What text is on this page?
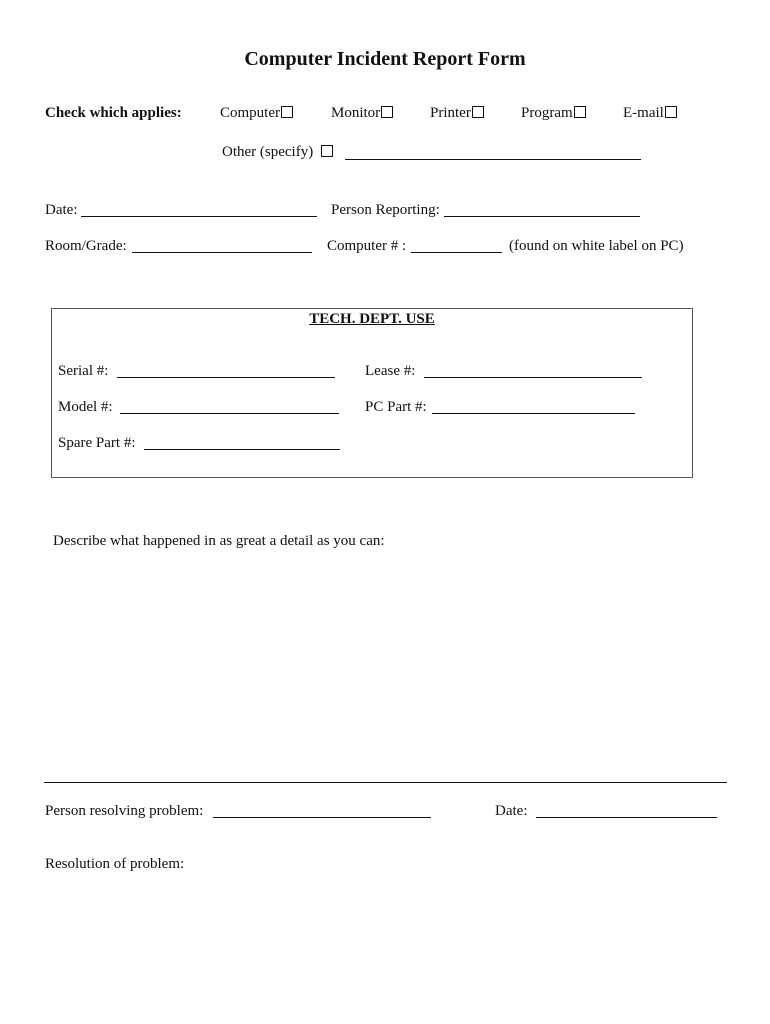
Computer Incident Report Form
Check which applies:	Computer	Monitor	Printer	Program	E-mail
Other (specify)
Date:	Person Reporting:
Room/Grade:	Computer # :	(found on white label on PC)
TECH. DEPT. USE
Serial #:	Lease #:
Model #:	PC Part #:
Spare Part #:
Describe what happened in as great a detail as you can:
Person resolving problem:	Date:
Resolution of problem:
